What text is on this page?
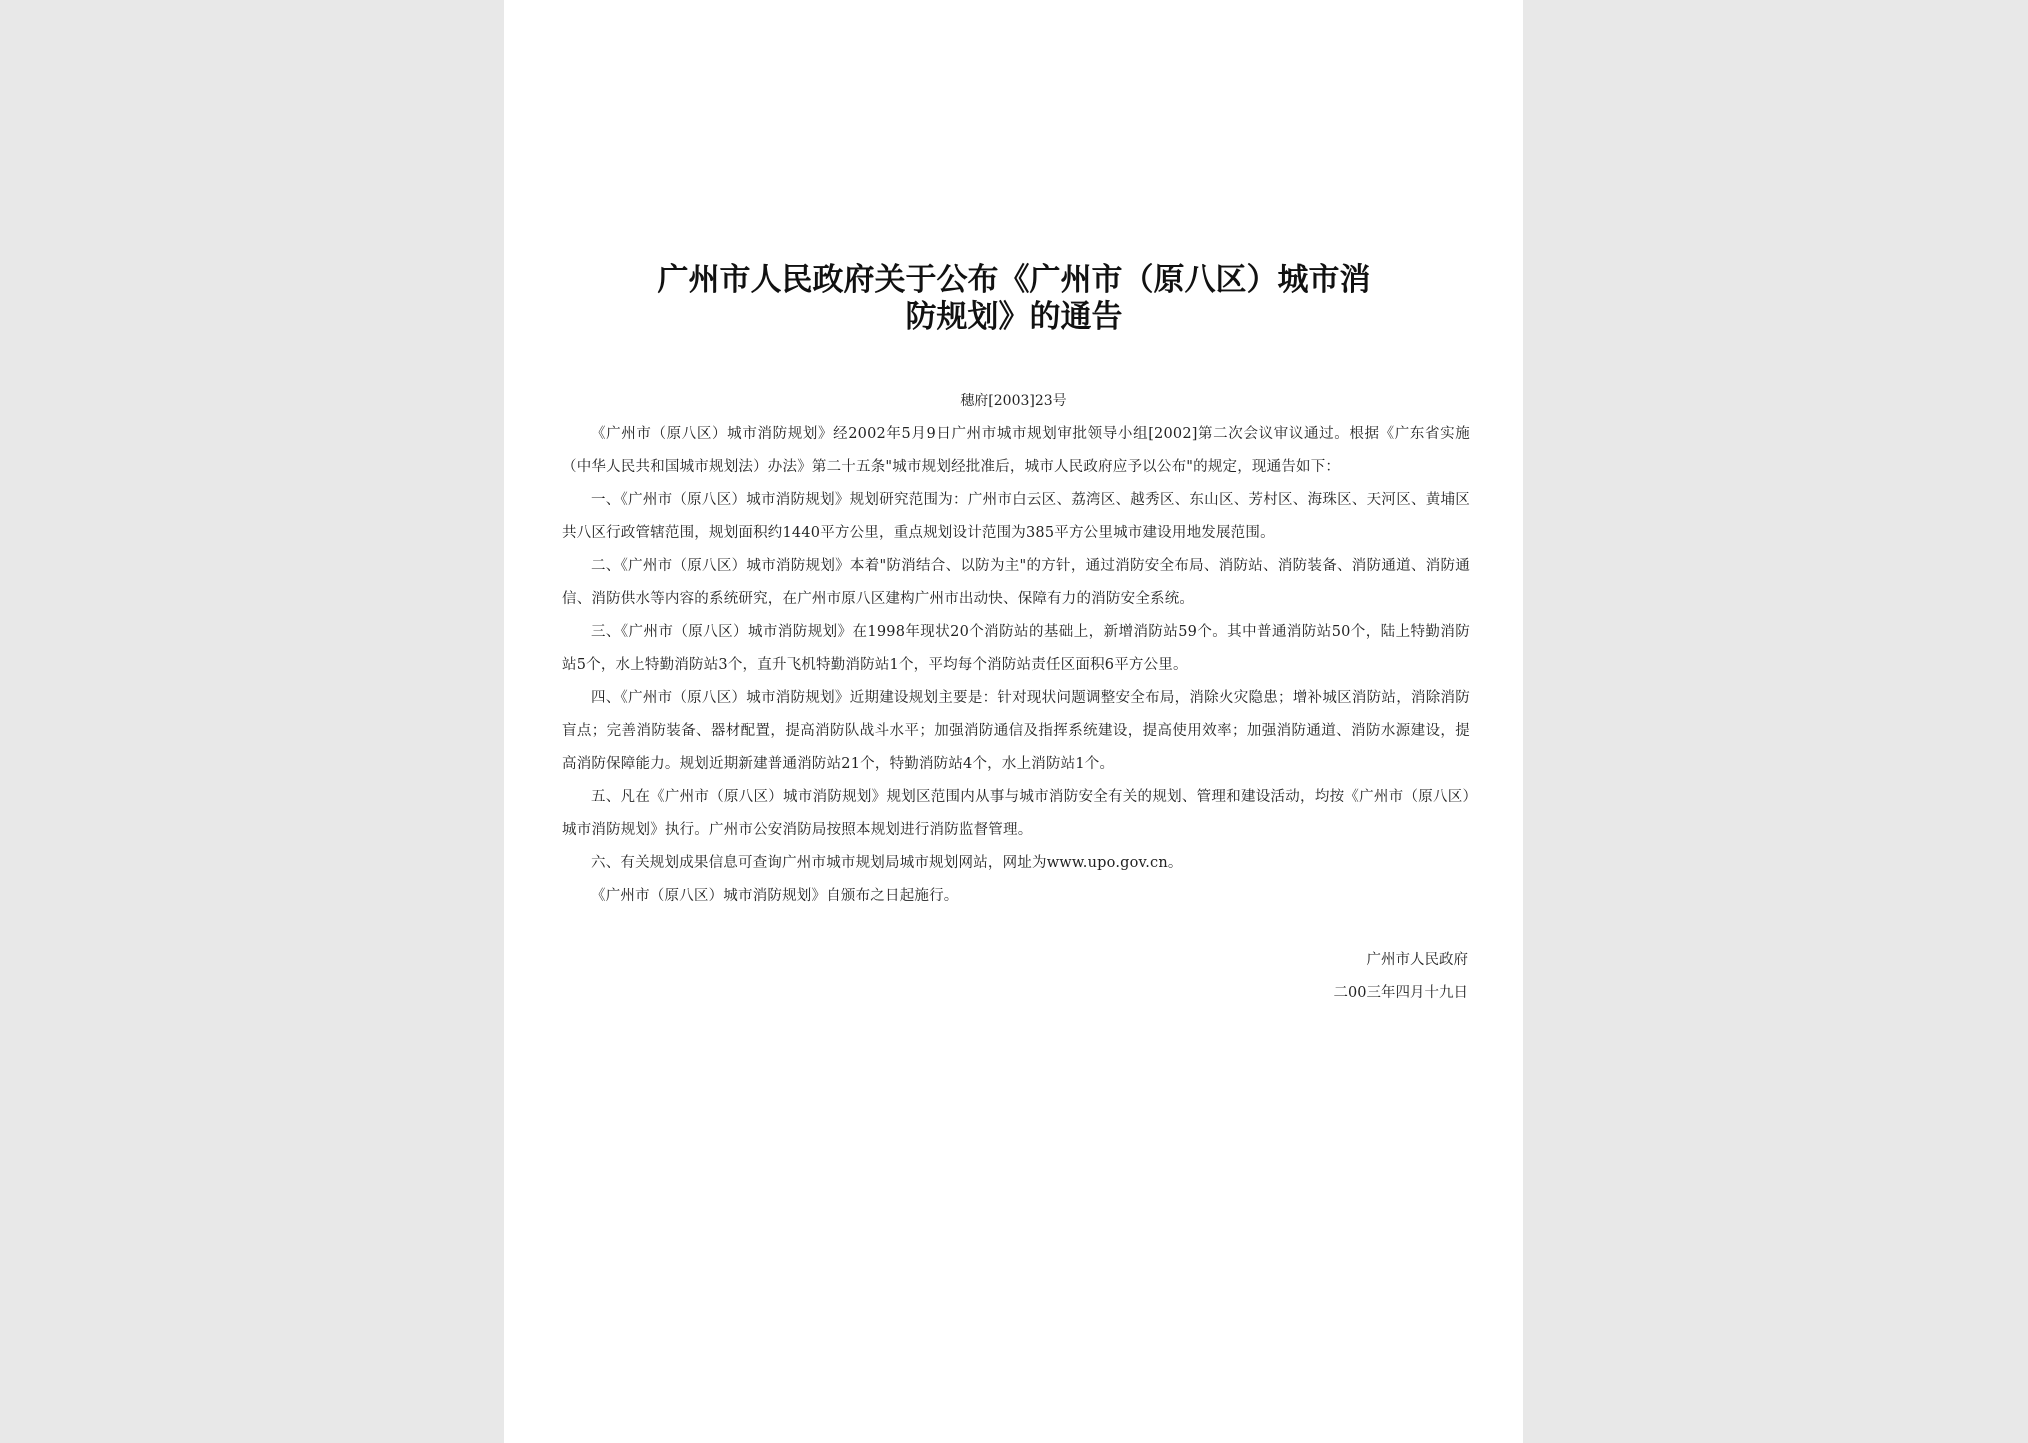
广州市人民政府关于公布《广州市（原八区）城市消
防规划》的通告
穗府[2003]23号

《广州市（原八区）城市消防规划》经2002年5月9日广州市城市规划审批领导小组[2002]第二次会议审议通过。根据《广东省实施（中华人民共和国城市规划法）办法》第二十五条"城市规划经批准后，城市人民政府应予以公布"的规定，现通告如下：

一、《广州市（原八区）城市消防规划》规划研究范围为：广州市白云区、荔湾区、越秀区、东山区、芳村区、海珠区、天河区、黄埔区共八区行政管辖范围，规划面积约1440平方公里，重点规划设计范围为385平方公里城市建设用地发展范围。

二、《广州市（原八区）城市消防规划》本着"防消结合、以防为主"的方针，通过消防安全布局、消防站、消防装备、消防通道、消防通信、消防供水等内容的系统研究，在广州市原八区建构广州市出动快、保障有力的消防安全系统。

三、《广州市（原八区）城市消防规划》在1998年现状20个消防站的基础上，新增消防站59个。其中普通消防站50个，陆上特勤消防站5个，水上特勤消防站3个，直升飞机特勤消防站1个，平均每个消防站责任区面积6平方公里。

四、《广州市（原八区）城市消防规划》近期建设规划主要是：针对现状问题调整安全布局，消除火灾隐患；增补城区消防站，消除消防盲点；完善消防装备、器材配置，提高消防队战斗水平；加强消防通信及指挥系统建设，提高使用效率；加强消防通道、消防水源建设，提高消防保障能力。规划近期新建普通消防站21个，特勤消防站4个，水上消防站1个。

五、凡在《广州市（原八区）城市消防规划》规划区范围内从事与城市消防安全有关的规划、管理和建设活动，均按《广州市（原八区）城市消防规划》执行。广州市公安消防局按照本规划进行消防监督管理。

六、有关规划成果信息可查询广州市城市规划局城市规划网站，网址为www.upo.gov.cn。

《广州市（原八区）城市消防规划》自颁布之日起施行。

广州市人民政府
二00三年四月十九日
